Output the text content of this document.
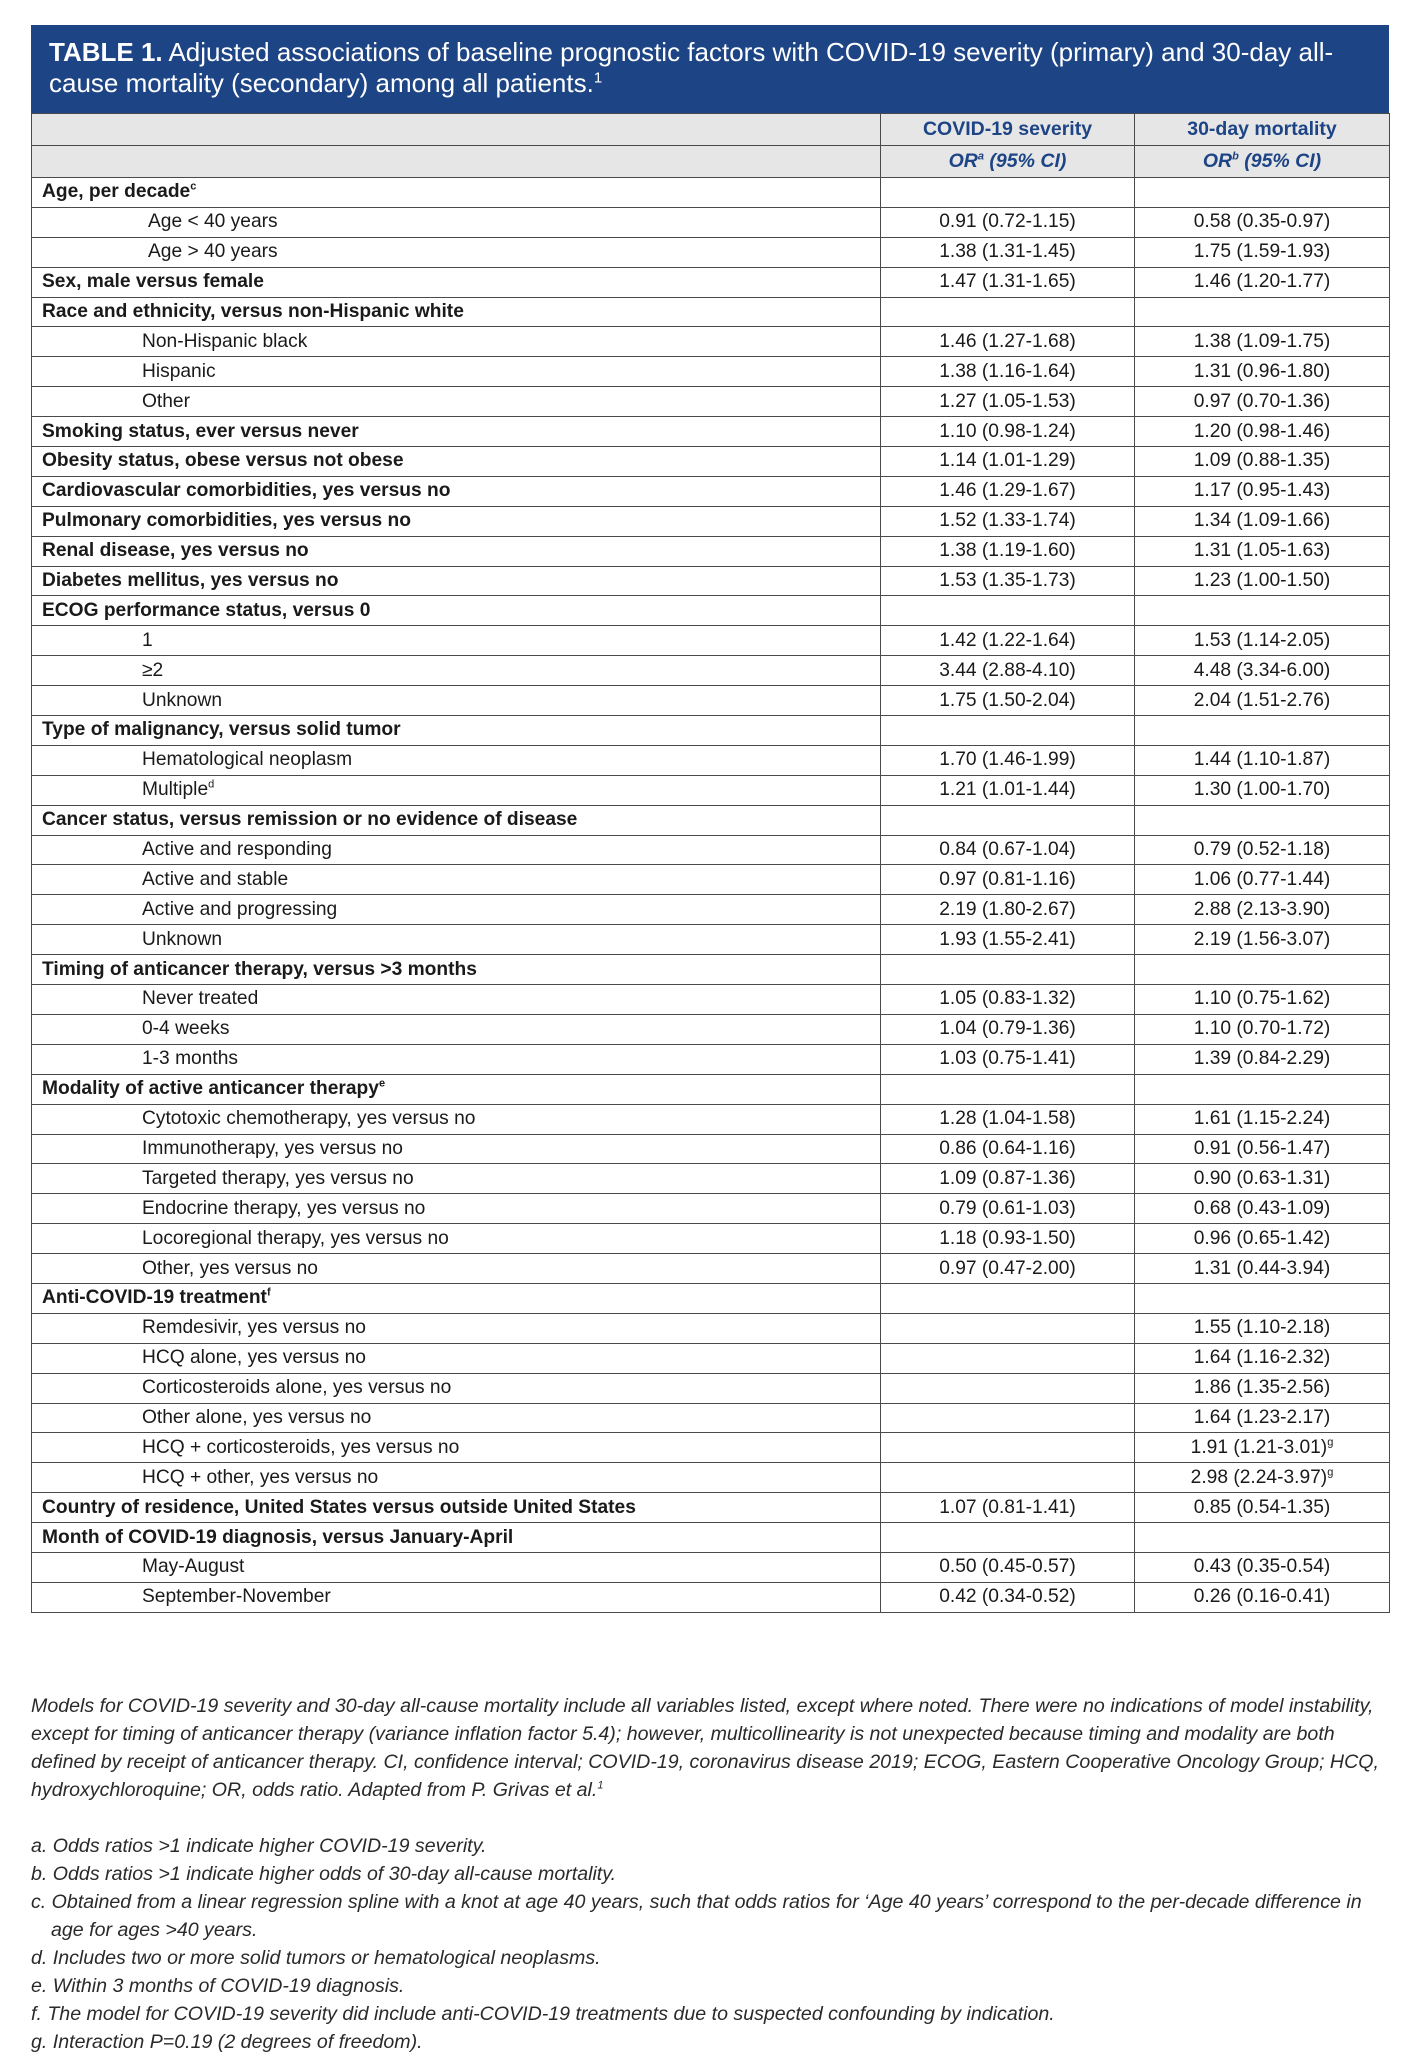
TABLE 1. Adjusted associations of baseline prognostic factors with COVID-19 severity (primary) and 30-day all-cause mortality (secondary) among all patients.$^1$
	COVID-19 severity	30-day mortality
	$OR^a$ (95% CI)	$OR^b$ (95% CI)
Age, per decade$^c$		
Age < 40 years	0.91 (0.72-1.15)	0.58 (0.35-0.97)
Age > 40 years	1.38 (1.31-1.45)	1.75 (1.59-1.93)
Sex, male versus female	1.47 (1.31-1.65)	1.46 (1.20-1.77)
Race and ethnicity, versus non-Hispanic white		
Non-Hispanic black	1.46 (1.27-1.68)	1.38 (1.09-1.75)
Hispanic	1.38 (1.16-1.64)	1.31 (0.96-1.80)
Other	1.27 (1.05-1.53)	0.97 (0.70-1.36)
Smoking status, ever versus never	1.10 (0.98-1.24)	1.20 (0.98-1.46)
Obesity status, obese versus not obese	1.14 (1.01-1.29)	1.09 (0.88-1.35)
Cardiovascular comorbidities, yes versus no	1.46 (1.29-1.67)	1.17 (0.95-1.43)
Pulmonary comorbidities, yes versus no	1.52 (1.33-1.74)	1.34 (1.09-1.66)
Renal disease, yes versus no	1.38 (1.19-1.60)	1.31 (1.05-1.63)
Diabetes mellitus, yes versus no	1.53 (1.35-1.73)	1.23 (1.00-1.50)
ECOG performance status, versus 0		
1	1.42 (1.22-1.64)	1.53 (1.14-2.05)
≥2	3.44 (2.88-4.10)	4.48 (3.34-6.00)
Unknown	1.75 (1.50-2.04)	2.04 (1.51-2.76)
Type of malignancy, versus solid tumor		
Hematological neoplasm	1.70 (1.46-1.99)	1.44 (1.10-1.87)
Multiple$^d$	1.21 (1.01-1.44)	1.30 (1.00-1.70)
Cancer status, versus remission or no evidence of disease		
Active and responding	0.84 (0.67-1.04)	0.79 (0.52-1.18)
Active and stable	0.97 (0.81-1.16)	1.06 (0.77-1.44)
Active and progressing	2.19 (1.80-2.67)	2.88 (2.13-3.90)
Unknown	1.93 (1.55-2.41)	2.19 (1.56-3.07)
Timing of anticancer therapy, versus >3 months		
Never treated	1.05 (0.83-1.32)	1.10 (0.75-1.62)
0-4 weeks	1.04 (0.79-1.36)	1.10 (0.70-1.72)
1-3 months	1.03 (0.75-1.41)	1.39 (0.84-2.29)
Modality of active anticancer therapy$^e$		
Cytotoxic chemotherapy, yes versus no	1.28 (1.04-1.58)	1.61 (1.15-2.24)
Immunotherapy, yes versus no	0.86 (0.64-1.16)	0.91 (0.56-1.47)
Targeted therapy, yes versus no	1.09 (0.87-1.36)	0.90 (0.63-1.31)
Endocrine therapy, yes versus no	0.79 (0.61-1.03)	0.68 (0.43-1.09)
Locoregional therapy, yes versus no	1.18 (0.93-1.50)	0.96 (0.65-1.42)
Other, yes versus no	0.97 (0.47-2.00)	1.31 (0.44-3.94)
Anti-COVID-19 treatment$^f$		
Remdesivir, yes versus no		1.55 (1.10-2.18)
HCQ alone, yes versus no		1.64 (1.16-2.32)
Corticosteroids alone, yes versus no		1.86 (1.35-2.56)
Other alone, yes versus no		1.64 (1.23-2.17)
HCQ + corticosteroids, yes versus no		1.91 $(1.21-3.01)^g$
HCQ + other, yes versus no		2.98 $(2.24-3.97)^g$
Country of residence, United States versus outside United States	1.07 (0.81-1.41)	0.85 (0.54-1.35)
Month of COVID-19 diagnosis, versus January-April		
May-August	0.50 (0.45-0.57)	0.43 (0.35-0.54)
September-November	0.42 (0.34-0.52)	0.26 (0.16-0.41)

Models for COVID-19 severity and 30-day all-cause mortality include all variables listed, except where noted. There were no indications of model instability, except for timing of anticancer therapy (variance inflation factor 5.4); however, multicollinearity is not unexpected because timing and modality are both defined by receipt of anticancer therapy. CI, confidence interval; COVID-19, coronavirus disease 2019; ECOG, Eastern Cooperative Oncology Group; HCQ, hydroxychloroquine; OR, odds ratio. Adapted from P. Grivas et al.$^1$

a. Odds ratios >1 indicate higher COVID-19 severity.

b. Odds ratios >1 indicate higher odds of 30-day all-cause mortality.

c. Obtained from a linear regression spline with a knot at age 40 years, such that odds ratios for ‘Age 40 years’ correspond to the per-decade difference in age for ages >40 years.

d. Includes two or more solid tumors or hematological neoplasms.

e. Within 3 months of COVID-19 diagnosis.

f. The model for COVID-19 severity did include anti-COVID-19 treatments due to suspected confounding by indication.

g. Interaction P=0.19 (2 degrees of freedom).
